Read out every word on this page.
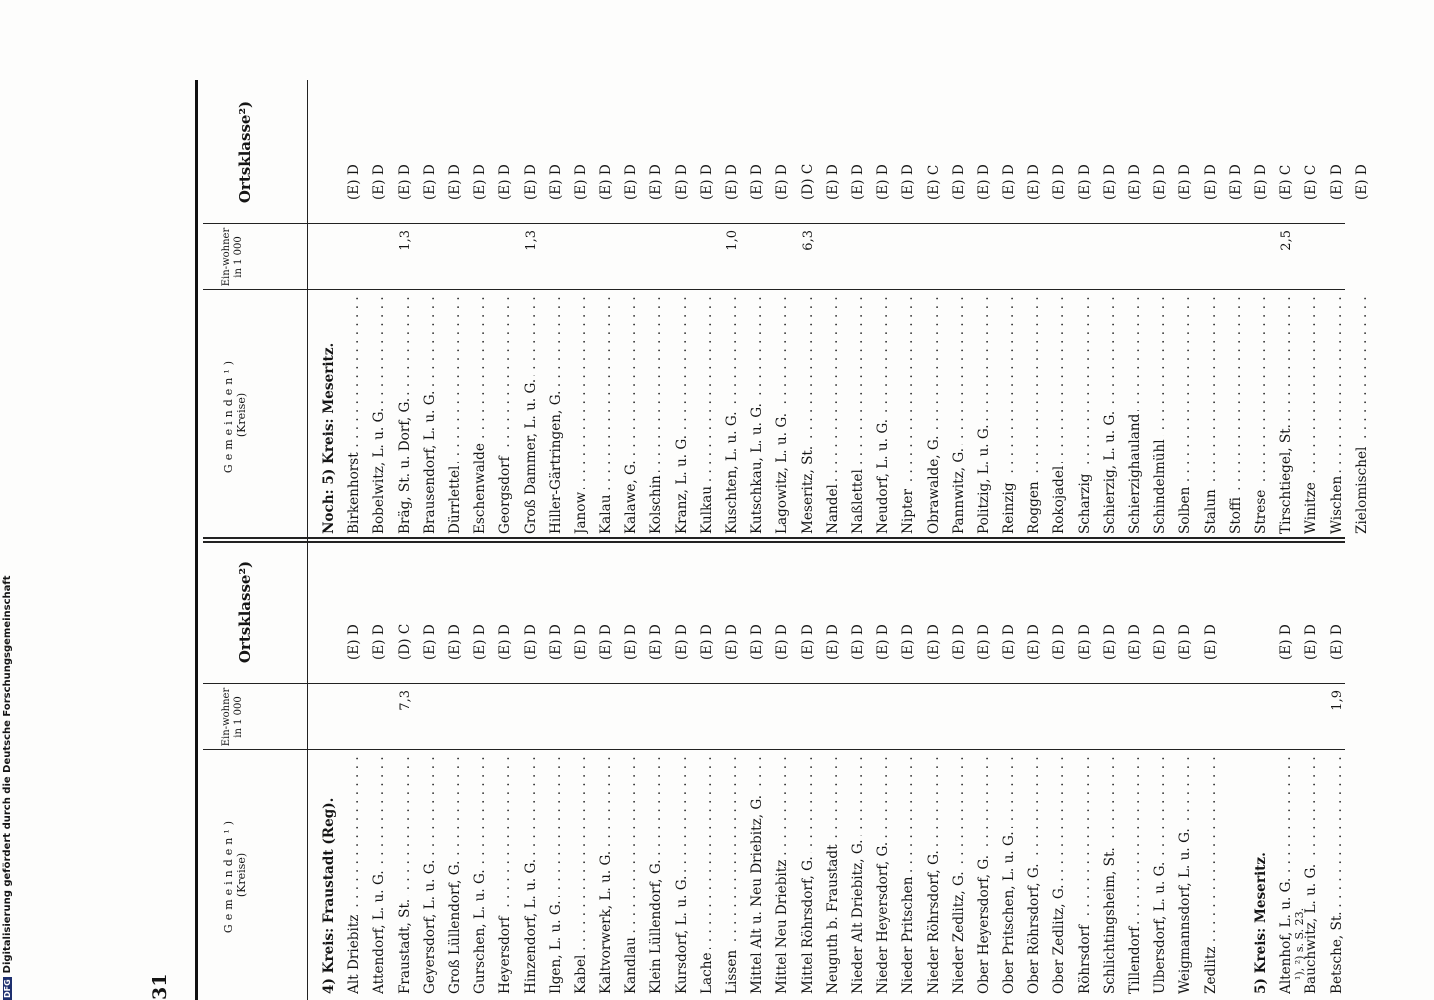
31
Gemeinden¹) (Kreise)
Ein-wohner in 1 000
Ortsklasse²)
4) Kreis: Fraustadt (Reg). Alt Driebitz . . .
(E) D
Attendorf, L. u. G. . . .
(E) D
Fraustadt, St. . . .
7,3
(D) C
Geyersdorf, L. u. G. . . .
(E) D
Groß Lüllendorf, G. . . .
(E) D
Gurschen, L. u. G. . . .
(E) D
Heyersdorf . . .
(E) D
Hinzendorf, L. u. G. . . .
(E) D
Ilgen, L. u. G. . . .
(E) D
Kabel . . .
(E) D
Kaltvorwerk, L. u. G. . . .
(E) D
Kandlau . . .
(E) D
Klein Lüllendorf, G. . . .
(E) D
Kursdorf, L. u. G. . . .
(E) D
Lache . . .
(E) D
Lissen . . .
(E) D
Mittel Alt u. Neu Driebitz, G. . . .
(E) D
Mittel Neu Driebitz . . .
(E) D
Mittel Röhrsdorf, G. . . .
(E) D
Neuguth b. Fraustadt . . .
(E) D
Nieder Alt Driebitz, G. . . .
(E) D
Nieder Heyersdorf, G. . . .
(E) D
Nieder Pritschen . . .
(E) D
Nieder Röhrsdorf, G. . . .
(E) D
Nieder Zedlitz, G. . . .
(E) D
Ober Heyersdorf, G. . . .
(E) D
Ober Pritschen, L. u. G. . . .
(E) D
Ober Röhrsdorf, G. . . .
(E) D
Ober Zedlitz, G. . . .
(E) D
Röhrsdorf . . .
(E) D
Schlichtingsheim, St. . . .
(E) D
Tillendorf . . .
(E) D
Ulbersdorf, L. u. G. . . .
(E) D
Weigmannsdorf, L. u. G. . . .
(E) D
Zedlitz . . .
(E) D
5) Kreis: Meseritz. Altenhof, L. u. G. . . .
(E) D
Bauchwitz, L. u. G. . . .
(E) D
Betsche, St. . . .
1,9
(E) D
Gemeinden¹) (Kreise)
Ein-wohner in 1 000
Ortsklasse²)
Noch: 5) Kreis: Meseritz. Birkenhorst . . .
(E) D
Bobelwitz, L. u. G. . . .
(E) D
Bräg, St. u. Dorf, G. . . .
1,3
(E) D
Brausendorf, L. u. G. . . .
(E) D
Dürrlettel . . .
(E) D
Eschenwalde . . .
(E) D
Georgsdorf . . .
(E) D
Groß Dammer, L. u. G. . . .
1,3
(E) D
Hiller-Gärtringen, G. . . .
(E) D
Janow . . .
(E) D
Kalau . . .
(E) D
Kalawe, G. . . .
(E) D
Kolschin . . .
(E) D
Kranz, L. u. G. . . .
(E) D
Kulkau . . .
(E) D
Kuschten, L. u. G. . . .
1,0
(E) D
Kutschkau, L. u. G. . . .
(E) D
Lagowitz, L. u. G. . . .
(E) D
Meseritz, St. . . .
6,3
(D) C
Nandel . . .
(E) D
Naßlettel . . .
(E) D
Neudorf, L. u. G. . . .
(E) D
Nipter . . .
(E) D
Obrawalde, G. . . .
(E) C
Pannwitz, G. . . .
(E) D
Politzig, L. u. G. . . .
(E) D
Reinzig . . .
(E) D
Roggen . . .
(E) D
Rokojadel . . .
(E) D
Scharzig . . .
(E) D
Schierzig, L. u. G. . . .
(E) D
Schierzighauland . . .
(E) D
Schindelmühl . . .
(E) D
Solben . . .
(E) D
Stalun . . .
(E) D
Stoffi . . .
(E) D
Strese . . .
(E) D
Tirschtiegel, St. . . .
2,5
(E) C
Winitze . . .
(E) C
Wischen . . .
(E) D
Zielomischel . . .
(E) D
¹), ²) s. S. 23.
DFGDigitalisierung gefördert durch die Deutsche Forschungsgemeinschaft
